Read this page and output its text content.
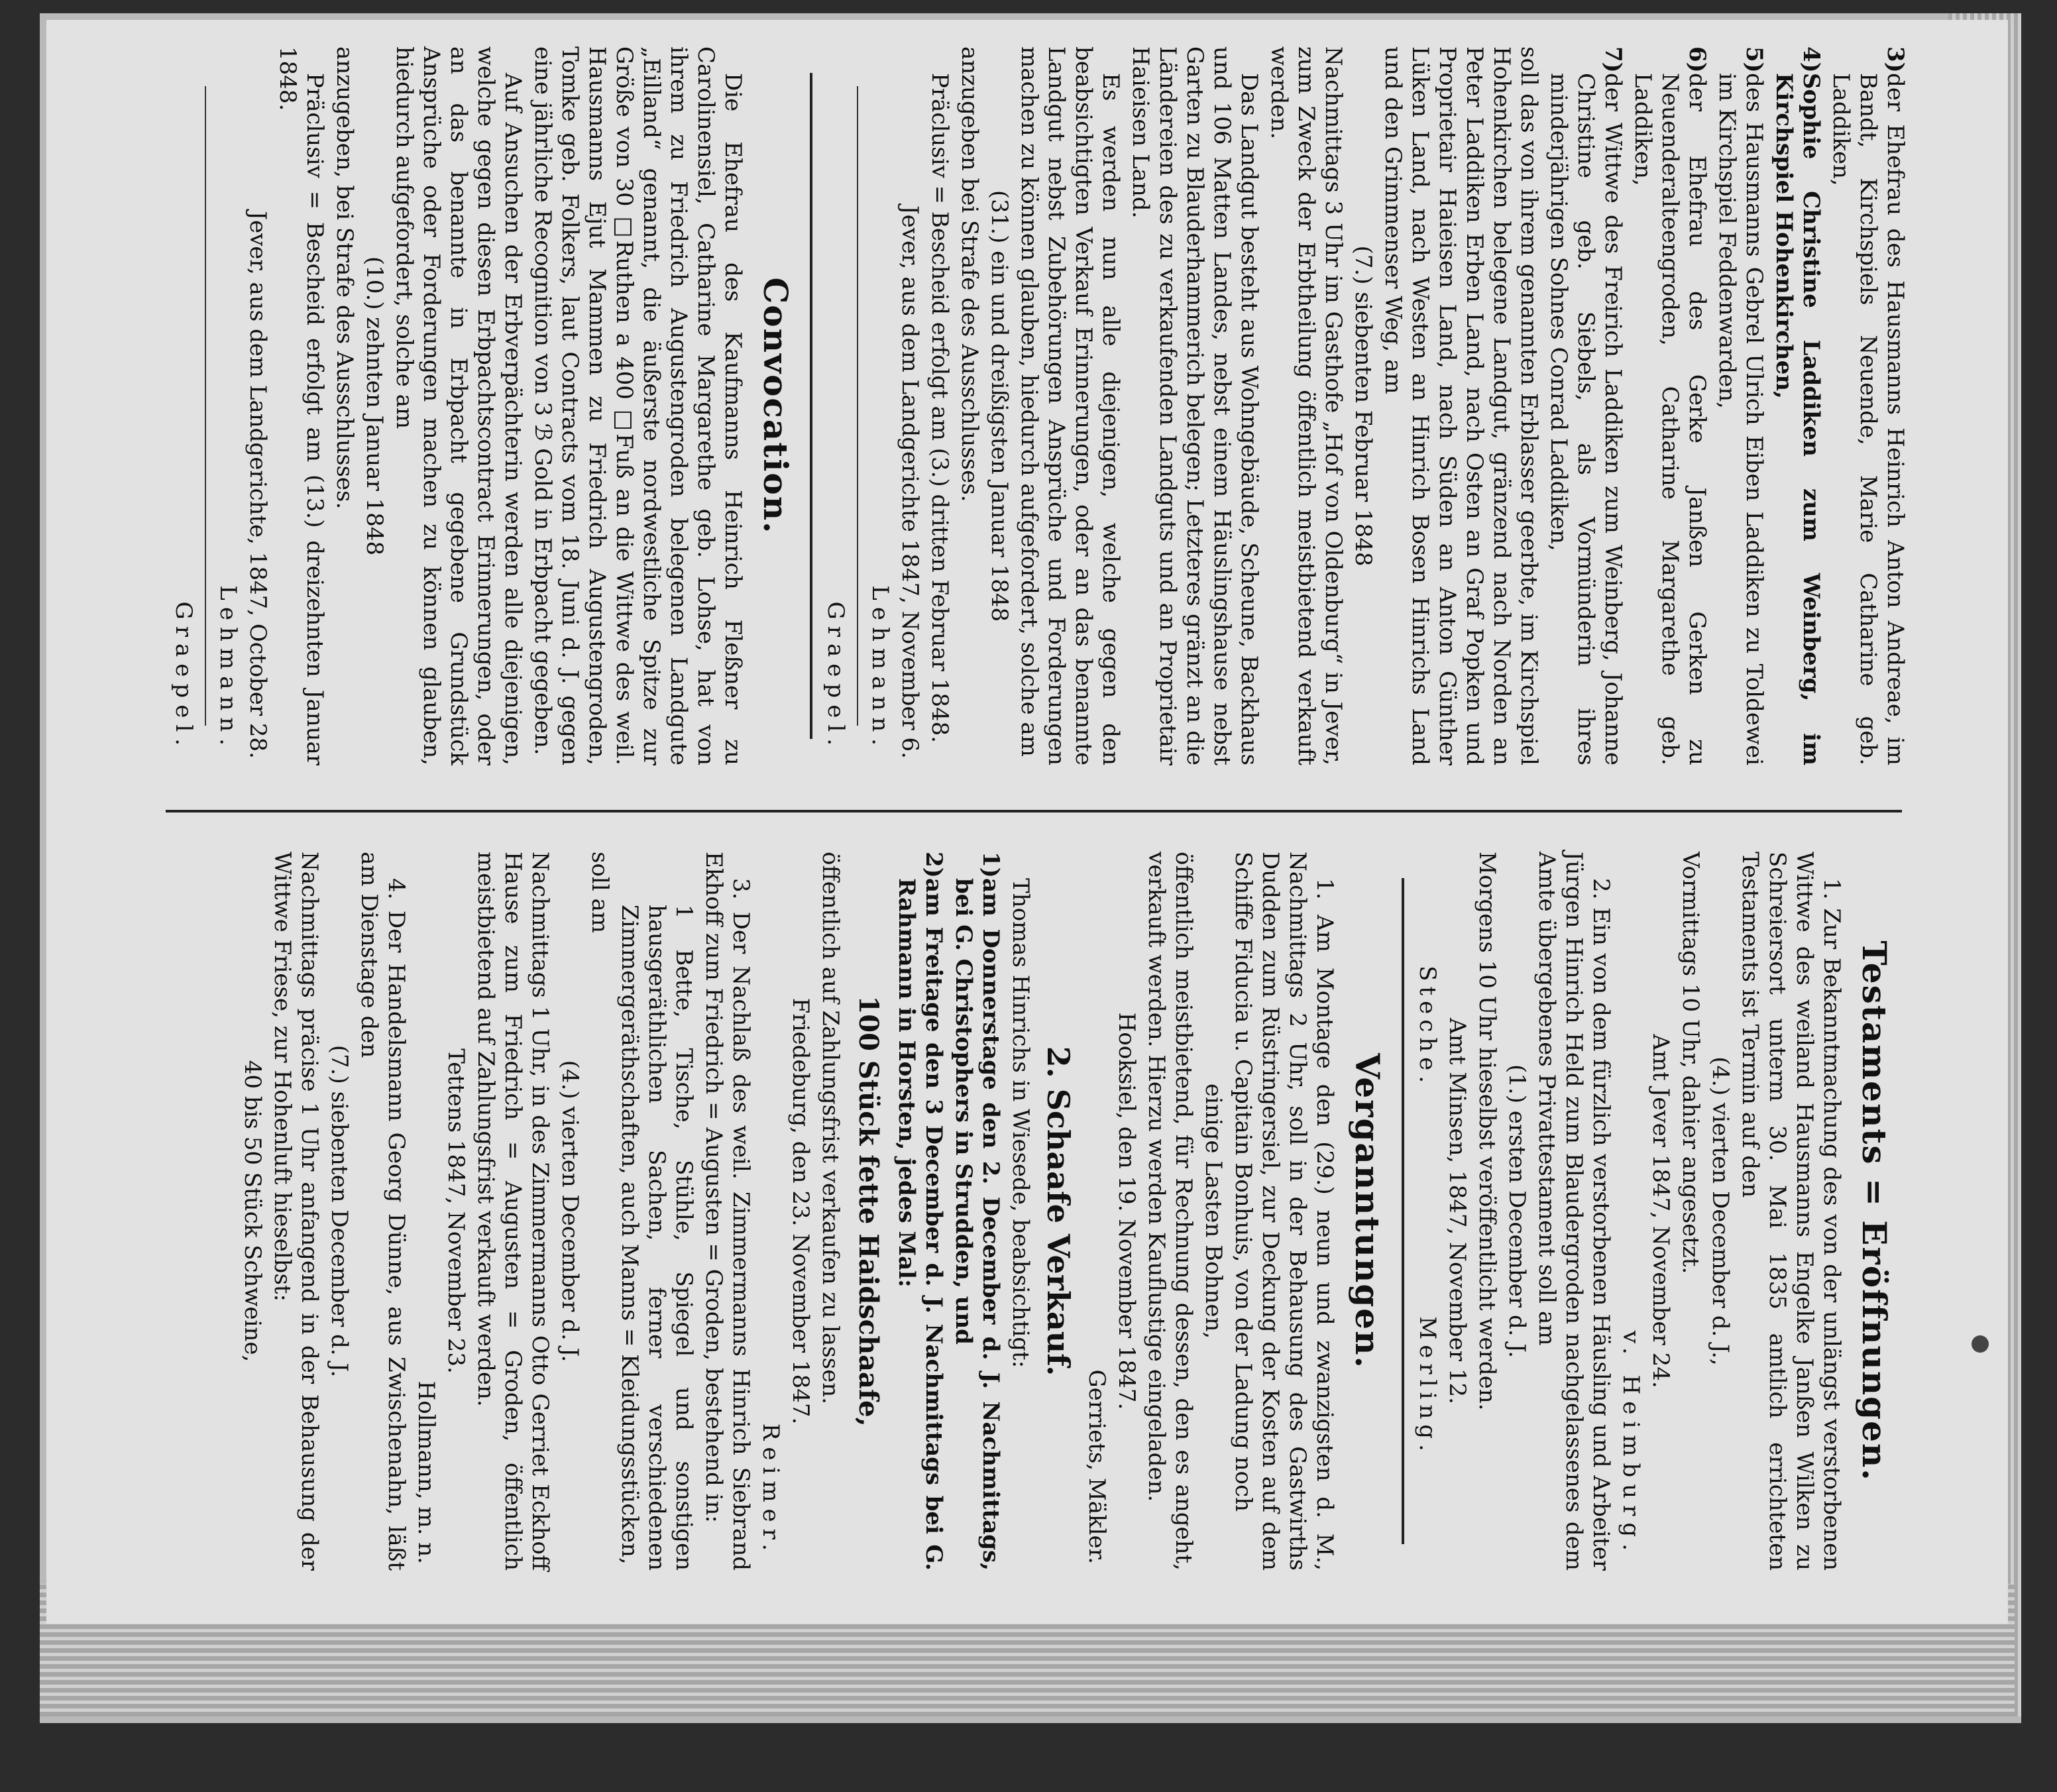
3)
der Ehefrau des Hausmanns Heinrich Anton Andreae, im Bandt, Kirchspiels Neuende, Marie Catharine geb. Laddiken,

4)
Sophie Christine Laddiken zum Weinberg, im Kirchspiel Hohenkirchen,

5)
des Hausmanns Gebrel Ulrich Eiben Laddiken zu Toldewei im Kirchspiel Feddenwarden,

6)
der Ehefrau des Gerke Janßen Gerken zu Neuenderalteengroden, Catharine Margarethe geb. Laddiken,

7)
der Wittwe des Freirich Laddiken zum Weinberg, Johanne Christine geb. Siebels, als Vormünderin ihres minderjährigen Sohnes Conrad Laddiken,

soll das von ihrem genannten Erblasser geerbte, im Kirchspiel Hohenkirchen belegene Landgut, gränzend nach Norden an Peter Laddiken Erben Land, nach Osten an Graf Popken und Proprietair Haieisen Land, nach Süden an Anton Günther Lüken Land, nach Westen an Hinrich Bosen Hinrichs Land und den Grimmenser Weg, am

(7.) siebenten Februar 1848

Nachmittags 3 Uhr im Gasthofe „Hof von Oldenburg“ in Jever, zum Zweck der Erbtheilung öffentlich meistbietend verkauft werden.

Das Landgut besteht aus Wohngebäude, Scheune, Backhaus und 106 Matten Landes, nebst einem Häuslingshause nebst Garten zu Blauderhammerich belegen; Letzteres gränzt an die Ländereien des zu verkaufenden Landguts und an Proprietair Haieisen Land.

Es werden nun alle diejenigen, welche gegen den beabsichtigten Verkauf Erinnerungen, oder an das benannte Landgut nebst Zubehörungen Ansprüche und Forderungen machen zu können glauben, hiedurch aufgefordert, solche am

(31.) ein und dreißigsten Januar 1848

anzugeben bei Strafe des Ausschlusses.

Präclusiv = Bescheid erfolgt am (3.) dritten Februar 1848.

Jever, aus dem Landgerichte 1847, November 6.

Lehmann.

Graepel.

Convocation.

Die Ehefrau des Kaufmanns Heinrich Fleßner zu Carolinensiel, Catharine Margarethe geb. Lohse, hat von ihrem zu Friedrich Augustengroden belegenen Landgute „Eilland“ genannt, die äußerste nordwestliche Spitze zur Größe von 30 □Ruthen a 400 □Fuß an die Wittwe des weil. Hausmanns Ejut Mammen zu Friedrich Augustengroden, Tomke geb. Folkers, laut Contracts vom 18. Juni d. J. gegen eine jährliche Recognition von 3 ℬ Gold in Erbpacht gegeben.

Auf Ansuchen der Erbverpächterin werden alle diejenigen, welche gegen diesen Erbpachtscontract Erinnerungen, oder an das benannte in Erbpacht gegebene Grundstück Ansprüche oder Forderungen machen zu können glauben, hiedurch aufgefordert, solche am

(10.) zehnten Januar 1848

anzugeben, bei Strafe des Ausschlusses.

Präclusiv = Bescheid erfolgt am (13.) dreizehnten Januar 1848.

Jever, aus dem Landgerichte, 1847, October 28.

Lehmann.

Graepel.

Testaments = Eröffnungen.

1. Zur Bekanntmachung des von der unlängst verstorbenen Wittwe des weiland Hausmanns Engelke Janßen Wilken zu Schreiersort unterm 30. Mai 1835 amtlich errichteten Testaments ist Termin auf den

(4.) vierten December d. J.,

Vormittags 10 Uhr, dahier angesetzt.

Amt Jever 1847, November 24.

v. Heimburg.

2. Ein von dem fürzlich verstorbenen Häusling und Arbeiter Jürgen Hinrich Held zum Blaudergroden nachgelassenes dem Amte übergebenes Privattestament soll am

(1.) ersten December d. J.

Morgens 10 Uhr hieselbst veröffentlicht werden.

Amt Minsen, 1847, November 12.

Steche.
Merling.

Verganntungen.

1. Am Montage den (29.) neun und zwanzigsten d. M., Nachmittags 2 Uhr, soll in der Behausung des Gastwirths Dudden zum Rüstringersiel, zur Deckung der Kosten auf dem Schiffe Fiducia u. Capitain Bonhuis, von der Ladung noch

einige Lasten Bohnen,

öffentlich meistbietend, für Rechnung dessen, den es angeht, verkauft werden. Hierzu werden Kauflustige eingeladen.

Hooksiel, den 19. November 1847.

Gerriets, Mäkler.

2. Schaafe Verkauf.

Thomas Hinrichs in Wiesede, beabsichtigt:

1)
am Donnerstage den 2. December d. J. Nachmittags, bei G. Christophers in Strudden, und

2)
am Freitage den 3 December d. J. Nachmittags bei G. Rahmann in Horsten, jedes Mal:

100 Stück fette Haidschaafe,

öffentlich auf Zahlungsfrist verkaufen zu lassen.

Friedeburg, den 23. November 1847.

Reimer.

3. Der Nachlaß des weil. Zimmermanns Hinrich Siebrand Ekhoff zum Friedrich = Augusten = Groden, bestehend in:

1 Bette, Tische, Stühle, Spiegel und sonstigen hausgeräthlichen Sachen, ferner verschiedenen Zimmergeräthschaften, auch Manns = Kleidungsstücken,

soll am

(4.) vierten December d. J.

Nachmittags 1 Uhr, in des Zimmermanns Otto Gerriet Eckhoff Hause zum Friedrich = Augusten = Groden, öffentlich meistbietend auf Zahlungsfrist verkauft werden.

Tettens 1847, November 23.

Hollmann, m. n.

4. Der Handelsmann Georg Dünne, aus Zwischenahn, läßt am Dienstage den

(7.) siebenten December d. J.

Nachmittags präcise 1 Uhr anfangend in der Behausung der Wittwe Friese, zur Hohenluft hieselbst:

40 bis 50 Stück Schweine,
